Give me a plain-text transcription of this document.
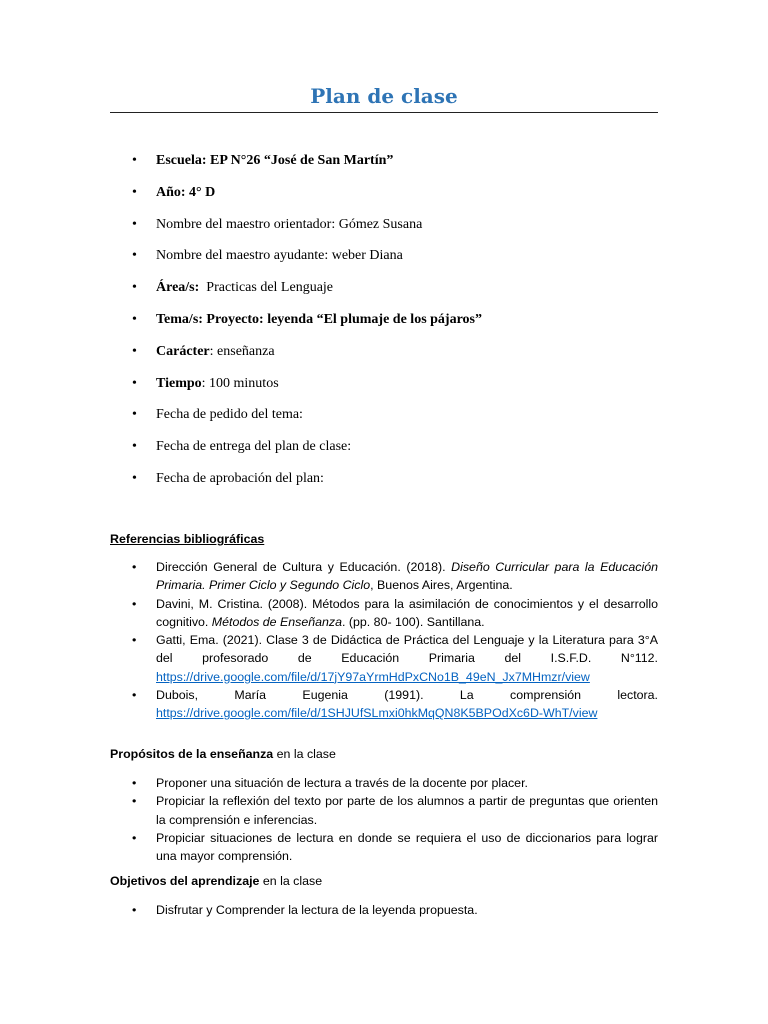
Plan de clase
• Escuela: EP N°26 “José de San Martín”
• Año: 4° D
• Nombre del maestro orientador: Gómez Susana
• Nombre del maestro ayudante: weber Diana
• Área/s:  Practicas del Lenguaje
• Tema/s: Proyecto: leyenda “El plumaje de los pájaros”
• Carácter: enseñanza
• Tiempo: 100 minutos
• Fecha de pedido del tema:
• Fecha de entrega del plan de clase:
• Fecha de aprobación del plan:
Referencias bibliográficas
• Dirección General de Cultura y Educación. (2018). Diseño Curricular para la Educación Primaria. Primer Ciclo y Segundo Ciclo, Buenos Aires, Argentina.
• Davini, M. Cristina. (2008). Métodos para la asimilación de conocimientos y el desarrollo cognitivo. Métodos de Enseñanza. (pp. 80- 100). Santillana.
• Gatti, Ema. (2021). Clase 3 de Didáctica de Práctica del Lenguaje y la Literatura para 3°A del profesorado de Educación Primaria del I.S.F.D. N°112.
https://drive.google.com/file/d/17jY97aYrmHdPxCNo1B_49eN_Jx7MHmzr/view
• Dubois, María Eugenia (1991). La comprensión lectora.
https://drive.google.com/file/d/1SHJUfSLmxi0hkMqQN8K5BPOdXc6D-WhT/view
Propósitos de la enseñanza en la clase
• Proponer una situación de lectura a través de la docente por placer.
• Propiciar la reflexión del texto por parte de los alumnos a partir de preguntas que orienten la comprensión e inferencias.
• Propiciar situaciones de lectura en donde se requiera el uso de diccionarios para lograr una mayor comprensión.
Objetivos del aprendizaje en la clase
• Disfrutar y Comprender la lectura de la leyenda propuesta.
